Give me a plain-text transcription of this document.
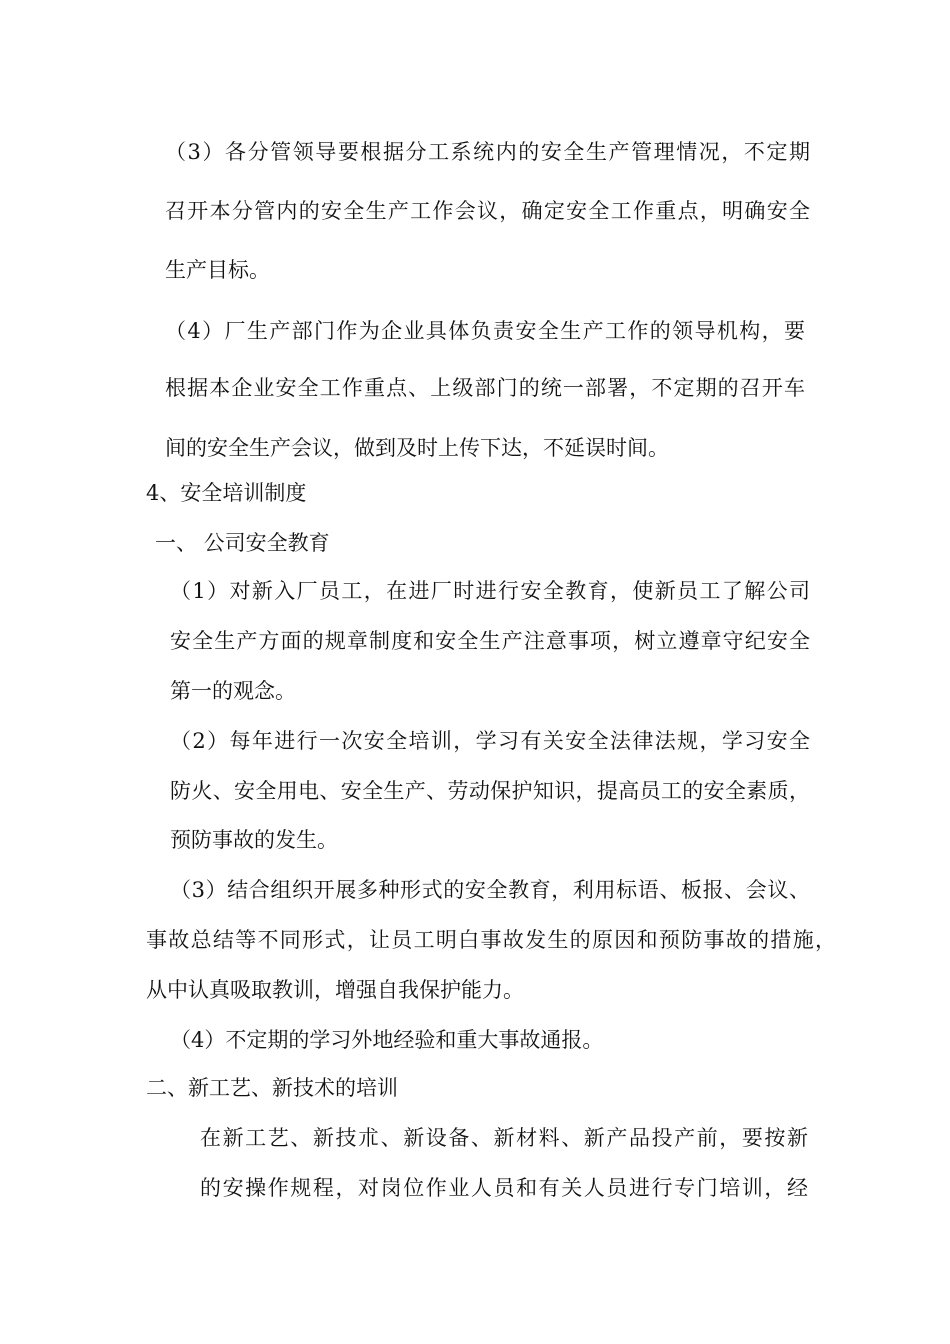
（3）各分管领导要根据分工系统内的安全生产管理情况，不定期

召开本分管内的安全生产工作会议，确定安全工作重点，明确安全

生产目标。

（4）厂生产部门作为企业具体负责安全生产工作的领导机构，要

根据本企业安全工作重点、上级部门的统一部署，不定期的召开车

间的安全生产会议，做到及时上传下达，不延误时间。

4、安全培训制度

一、 公司安全教育

（1）对新入厂员工，在进厂时进行安全教育，使新员工了解公司

安全生产方面的规章制度和安全生产注意事项，树立遵章守纪安全

第一的观念。

（2）每年进行一次安全培训，学习有关安全法律法规，学习安全

防火、安全用电、安全生产、劳动保护知识，提高员工的安全素质，

预防事故的发生。

（3）结合组织开展多种形式的安全教育，利用标语、板报、会议、

事故总结等不同形式，让员工明白事故发生的原因和预防事故的措施，

从中认真吸取教训，增强自我保护能力。

（4）不定期的学习外地经验和重大事故通报。

二、新工艺、新技术的培训

在新工艺、新技朮、新设备、新材料、新产品投产前，要按新

的安操作规程，对岗位作业人员和有关人员进行专门培训，经
